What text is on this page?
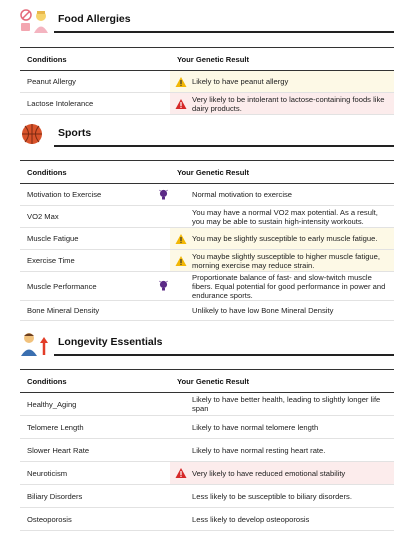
Food Allergies
Conditions	Your Genetic Result
Peanut Allergy	Likely to have peanut allergy
Lactose Intolerance	Very likely to be intolerant to lactose-containing foods like dairy products.
Sports
Conditions	Your Genetic Result
Motivation to Exercise	Normal motivation to exercise
VO2 Max	You may have a normal VO2 max potential. As a result, you may be able to sustain high-intensity workouts.
Muscle Fatigue	You may be slightly susceptible to early muscle fatigue.
Exercise Time	You maybe slightly susceptible to higher muscle fatigue, morning exercise may reduce strain.
Muscle Performance	Proportionate balance of fast- and slow-twitch muscle fibers. Equal potential for good performance in power and endurance sports.
Bone Mineral Density	Unlikely to have low Bone Mineral Density
Longevity Essentials
Conditions	Your Genetic Result
Healthy_Aging	Likely to have better health, leading to slightly longer life span
Telomere Length	Likely to have normal telomere length
Slower Heart Rate	Likely to have normal resting heart rate.
Neuroticism	Very likely to have reduced emotional stability
Biliary Disorders	Less likely to be susceptible to biliary disorders.
Osteoporosis	Less likely to develop osteoporosis
